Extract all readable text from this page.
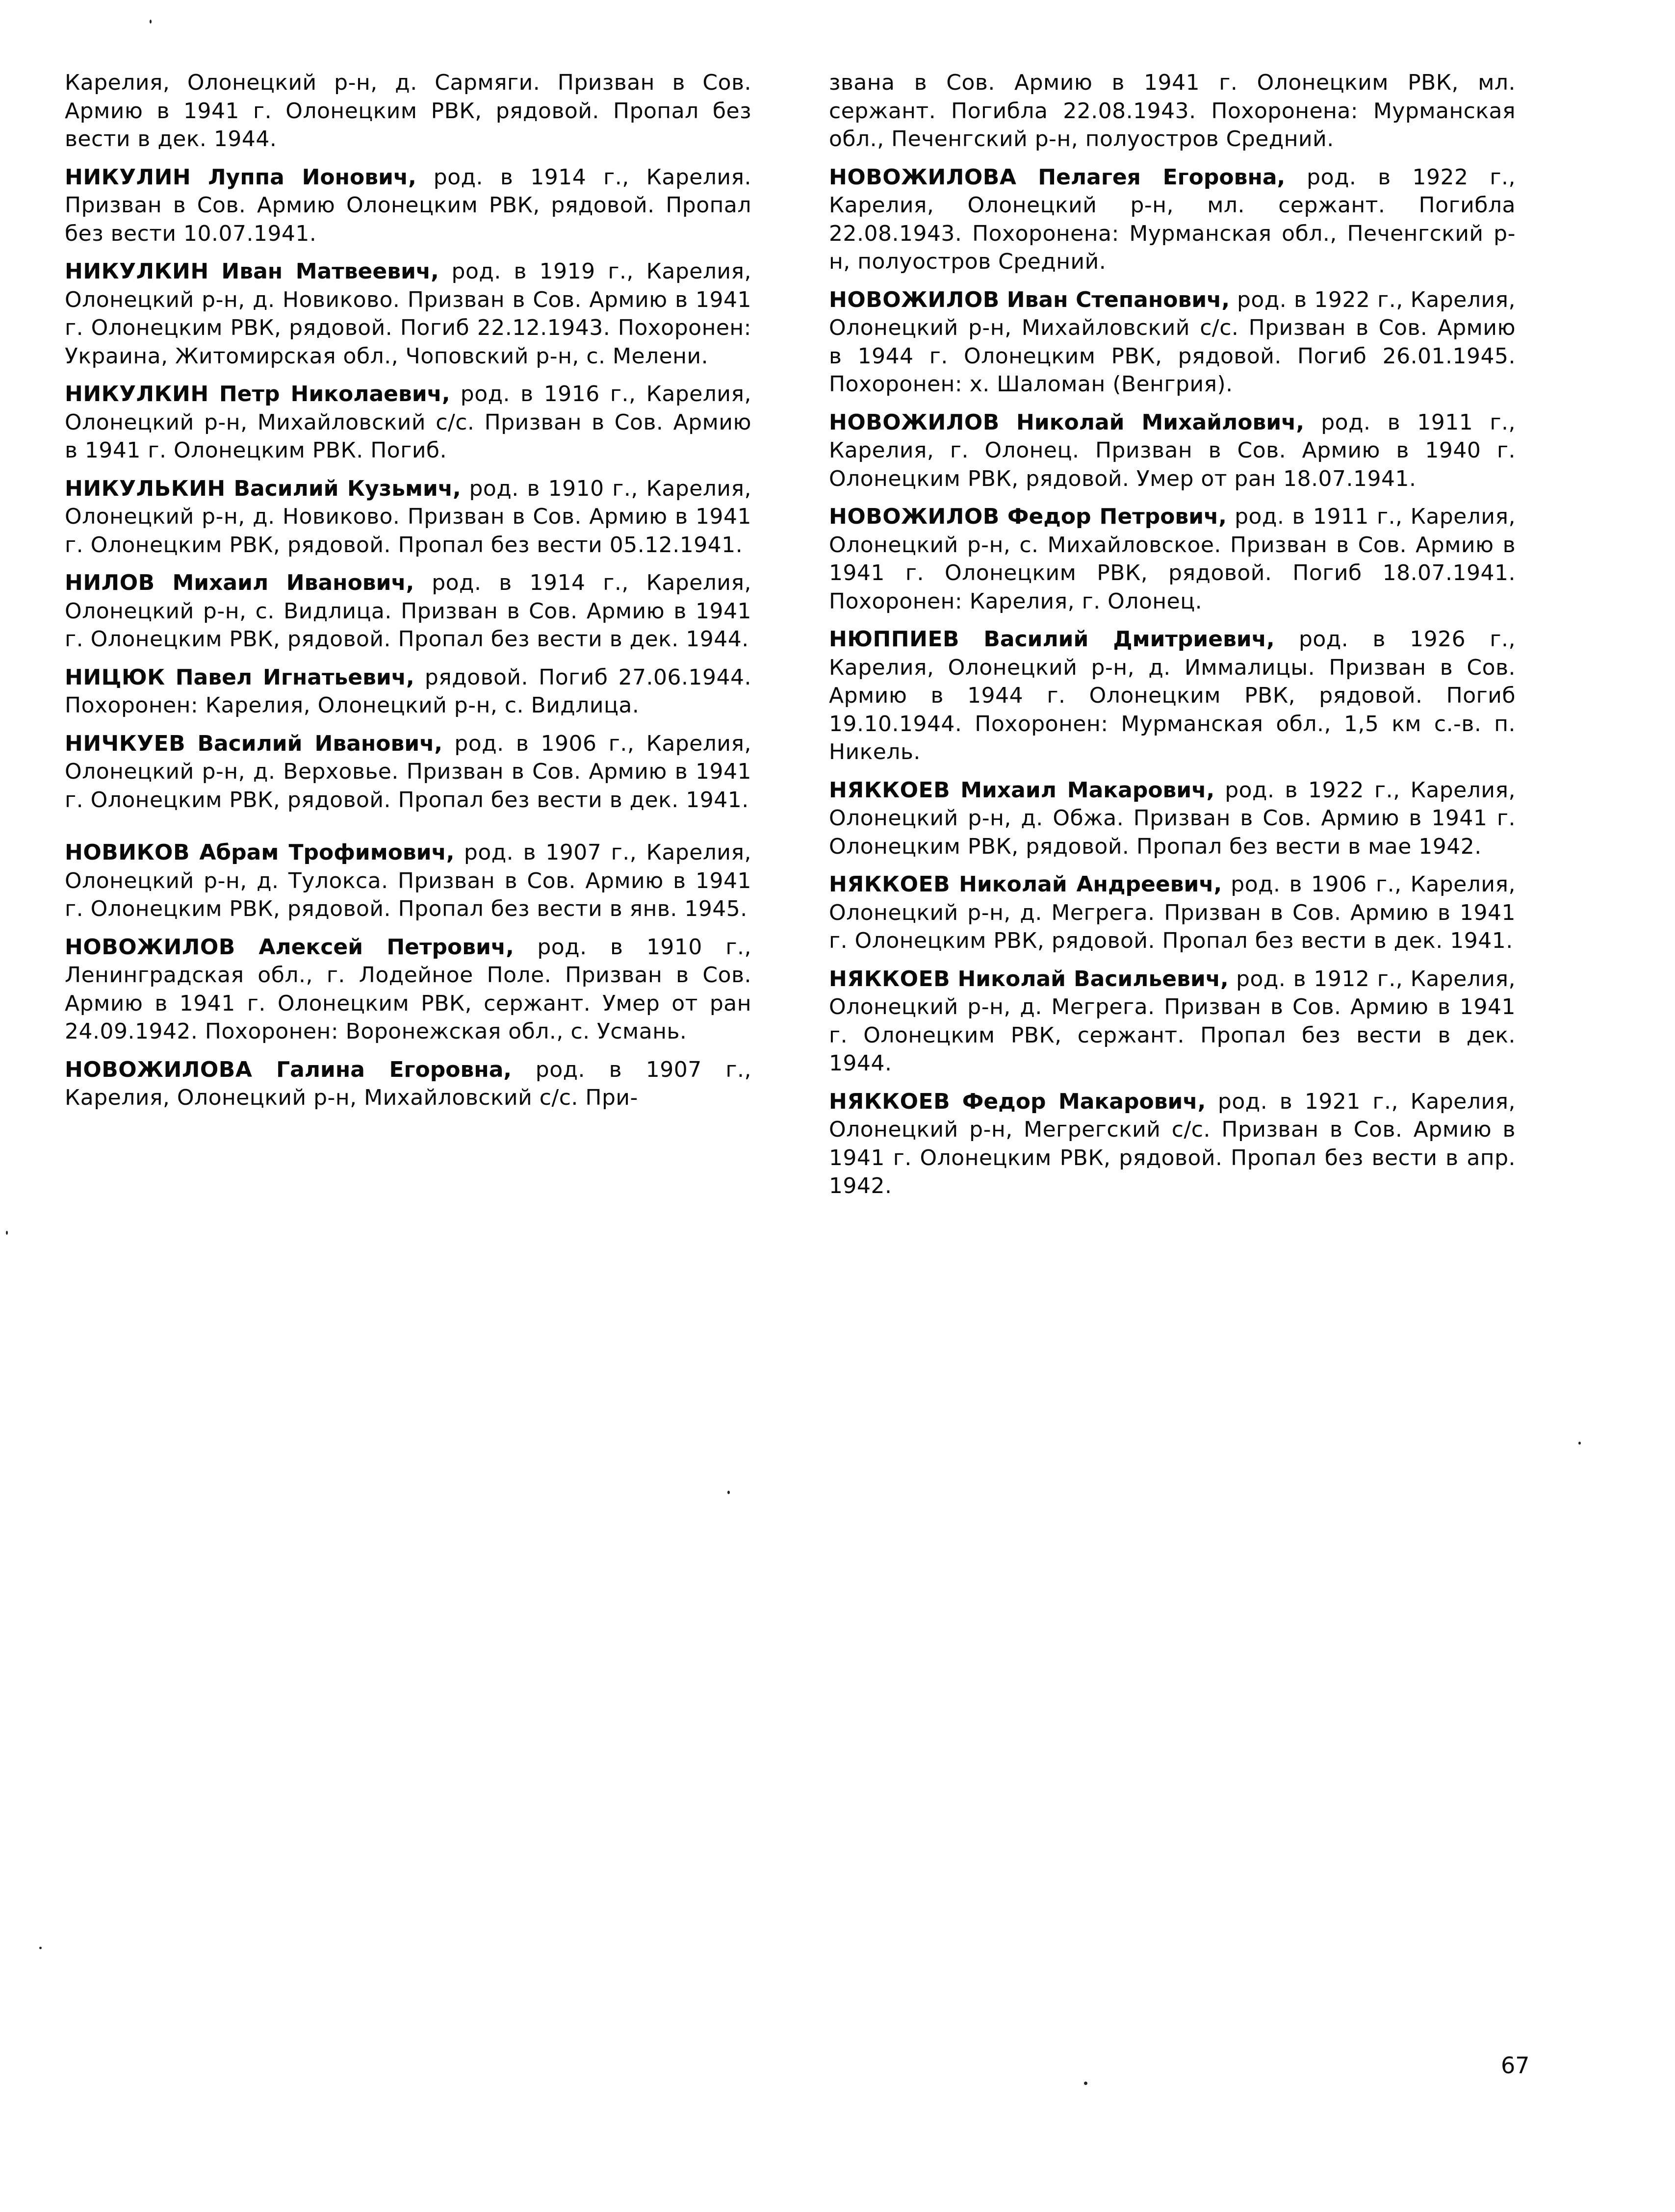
Карелия, Олонецкий р-н, д. Сармяги. Призван в Сов. Армию в 1941 г. Олонецким РВК, рядовой. Пропал без вести в дек. 1944.

НИКУЛИН Луппа Ионович, род. в 1914 г., Карелия. Призван в Сов. Армию Олонецким РВК, рядовой. Пропал без вести 10.07.1941.

НИКУЛКИН Иван Матвеевич, род. в 1919 г., Карелия, Олонецкий р-н, д. Новиково. Призван в Сов. Армию в 1941 г. Олонецким РВК, рядовой. Погиб 22.12.1943. Похоронен: Украина, Житомирская обл., Чоповский р-н, с. Мелени.

НИКУЛКИН Петр Николаевич, род. в 1916 г., Карелия, Олонецкий р-н, Михайловский с/с. Призван в Сов. Армию в 1941 г. Олонецким РВК. Погиб.

НИКУЛЬКИН Василий Кузьмич, род. в 1910 г., Карелия, Олонецкий р-н, д. Новиково. Призван в Сов. Армию в 1941 г. Олонецким РВК, рядовой. Пропал без вести 05.12.1941.

НИЛОВ Михаил Иванович, род. в 1914 г., Карелия, Олонецкий р-н, с. Видлица. Призван в Сов. Армию в 1941 г. Олонецким РВК, рядовой. Пропал без вести в дек. 1944.

НИЦЮК Павел Игнатьевич, рядовой. Погиб 27.06.1944. Похоронен: Карелия, Олонецкий р-н, с. Видлица.

НИЧКУЕВ Василий Иванович, род. в 1906 г., Карелия, Олонецкий р-н, д. Верховье. Призван в Сов. Армию в 1941 г. Олонецким РВК, рядовой. Пропал без вести в дек. 1941.

НОВИКОВ Абрам Трофимович, род. в 1907 г., Карелия, Олонецкий р-н, д. Тулокса. Призван в Сов. Армию в 1941 г. Олонецким РВК, рядовой. Пропал без вести в янв. 1945.

НОВОЖИЛОВ Алексей Петрович, род. в 1910 г., Ленинградская обл., г. Лодейное Поле. Призван в Сов. Армию в 1941 г. Олонецким РВК, сержант. Умер от ран 24.09.1942. Похоронен: Воронежская обл., с. Усмань.

НОВОЖИЛОВА Галина Егоровна, род. в 1907 г., Карелия, Олонецкий р-н, Михайловский с/с. При-

звана в Сов. Армию в 1941 г. Олонецким РВК, мл. сержант. Погибла 22.08.1943. Похоронена: Мурманская обл., Печенгский р-н, полуостров Средний.

НОВОЖИЛОВА Пелагея Егоровна, род. в 1922 г., Карелия, Олонецкий р-н, мл. сержант. Погибла 22.08.1943. Похоронена: Мурманская обл., Печенгский р-н, полуостров Средний.

НОВОЖИЛОВ Иван Степанович, род. в 1922 г., Карелия, Олонецкий р-н, Михайловский с/с. Призван в Сов. Армию в 1944 г. Олонецким РВК, рядовой. Погиб 26.01.1945. Похоронен: х. Шаломан (Венгрия).

НОВОЖИЛОВ Николай Михайлович, род. в 1911 г., Карелия, г. Олонец. Призван в Сов. Армию в 1940 г. Олонецким РВК, рядовой. Умер от ран 18.07.1941.

НОВОЖИЛОВ Федор Петрович, род. в 1911 г., Карелия, Олонецкий р-н, с. Михайловское. Призван в Сов. Армию в 1941 г. Олонецким РВК, рядовой. Погиб 18.07.1941. Похоронен: Карелия, г. Олонец.

НЮППИЕВ Василий Дмитриевич, род. в 1926 г., Карелия, Олонецкий р-н, д. Иммалицы. Призван в Сов. Армию в 1944 г. Олонецким РВК, рядовой. Погиб 19.10.1944. Похоронен: Мурманская обл., 1,5 км с.-в. п. Никель.

НЯККОЕВ Михаил Макарович, род. в 1922 г., Карелия, Олонецкий р-н, д. Обжа. Призван в Сов. Армию в 1941 г. Олонецким РВК, рядовой. Пропал без вести в мае 1942.

НЯККОЕВ Николай Андреевич, род. в 1906 г., Карелия, Олонецкий р-н, д. Мегрега. Призван в Сов. Армию в 1941 г. Олонецким РВК, рядовой. Пропал без вести в дек. 1941.

НЯККОЕВ Николай Васильевич, род. в 1912 г., Карелия, Олонецкий р-н, д. Мегрега. Призван в Сов. Армию в 1941 г. Олонецким РВК, сержант. Пропал без вести в дек. 1944.

НЯККОЕВ Федор Макарович, род. в 1921 г., Карелия, Олонецкий р-н, Мегрегский с/с. Призван в Сов. Армию в 1941 г. Олонецким РВК, рядовой. Пропал без вести в апр. 1942.

67
